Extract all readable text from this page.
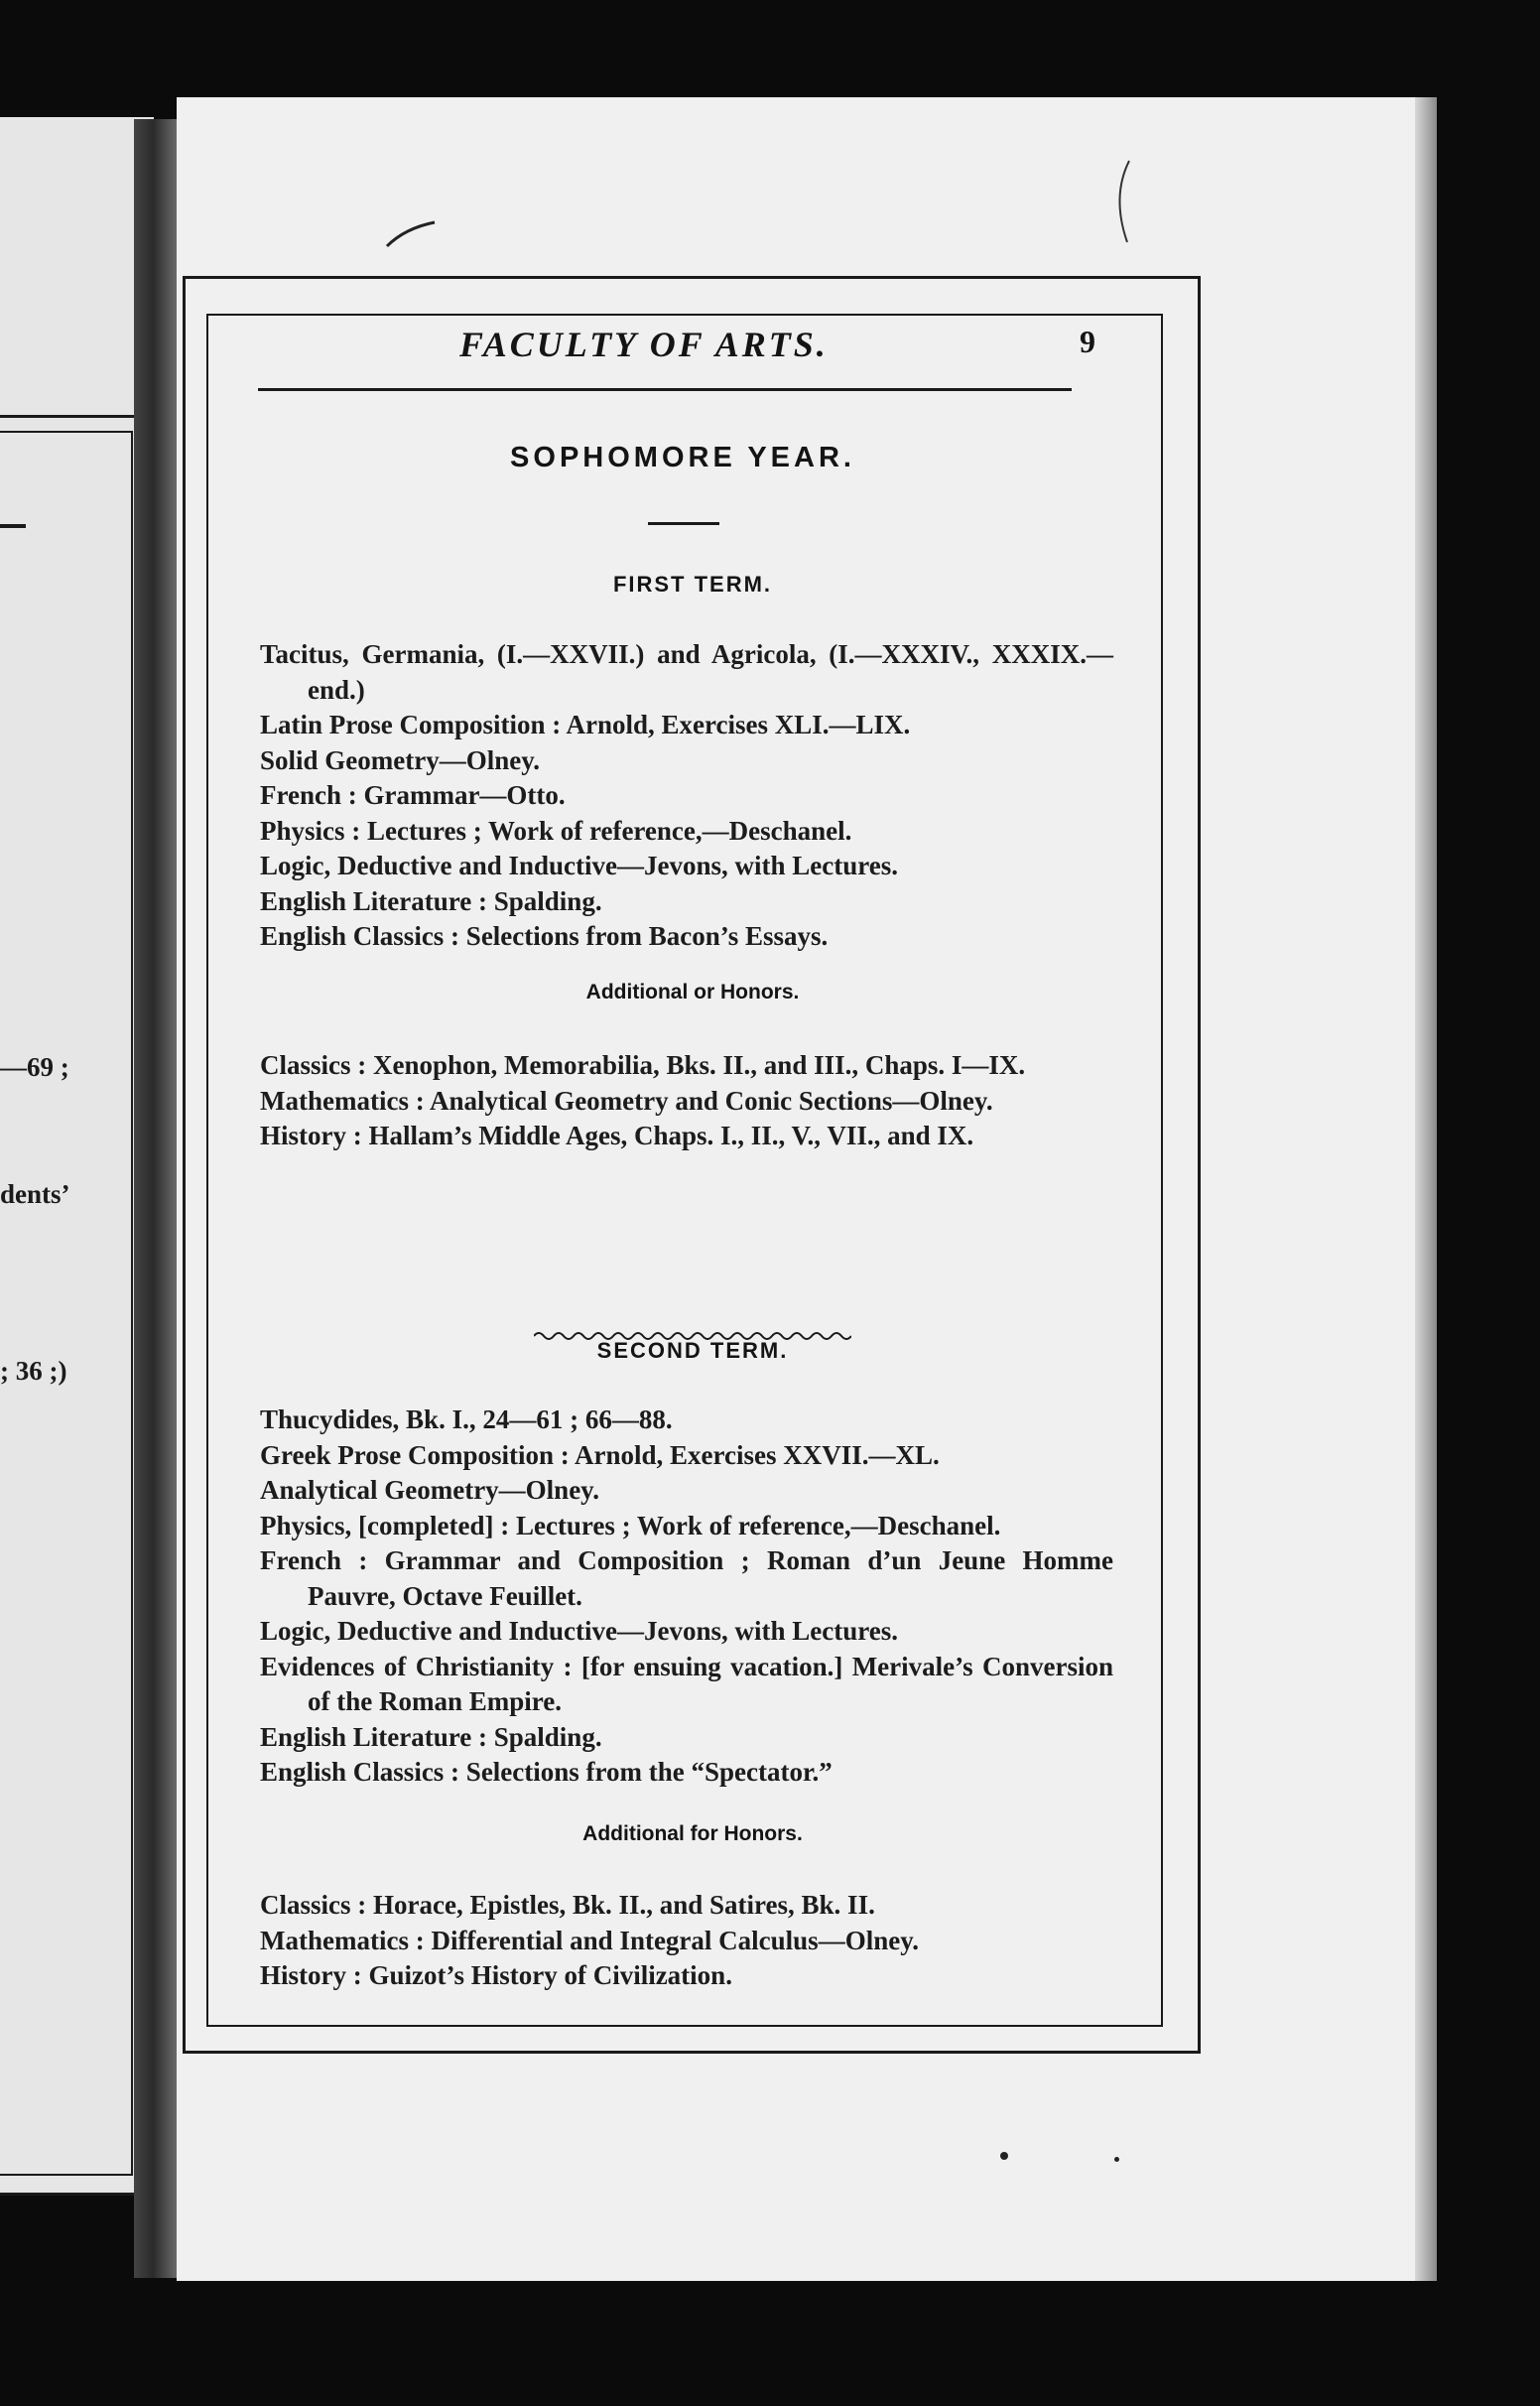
—69 ;
dents’
; 36 ;)
FACULTY OF ARTS.	9
SOPHOMORE YEAR.
FIRST TERM.
Tacitus, Germania, (I.—XXVII.) and Agricola, (I.—XXXIV., XXXIX.—end.)
Latin Prose Composition : Arnold, Exercises XLI.—LIX.
Solid Geometry—Olney.
French : Grammar—Otto.
Physics : Lectures ; Work of reference,—Deschanel.
Logic, Deductive and Inductive—Jevons, with Lectures.
English Literature : Spalding.
English Classics : Selections from Bacon’s Essays.
Additional or Honors.
Classics : Xenophon, Memorabilia, Bks. II., and III., Chaps. I—IX.
Mathematics : Analytical Geometry and Conic Sections—Olney.
History : Hallam’s Middle Ages, Chaps. I., II., V., VII., and IX.
SECOND TERM.
Thucydides, Bk. I., 24—61 ; 66—88.
Greek Prose Composition : Arnold, Exercises XXVII.—XL.
Analytical Geometry—Olney.
Physics, [completed] : Lectures ; Work of reference,—Deschanel.
French : Grammar and Composition ; Roman d’un Jeune Homme Pauvre, Octave Feuillet.
Logic, Deductive and Inductive—Jevons, with Lectures.
Evidences of Christianity : [for ensuing vacation.] Merivale’s Conversion of the Roman Empire.
English Literature : Spalding.
English Classics : Selections from the “Spectator.”
Additional for Honors.
Classics : Horace, Epistles, Bk. II., and Satires, Bk. II.
Mathematics : Differential and Integral Calculus—Olney.
History : Guizot’s History of Civilization.
